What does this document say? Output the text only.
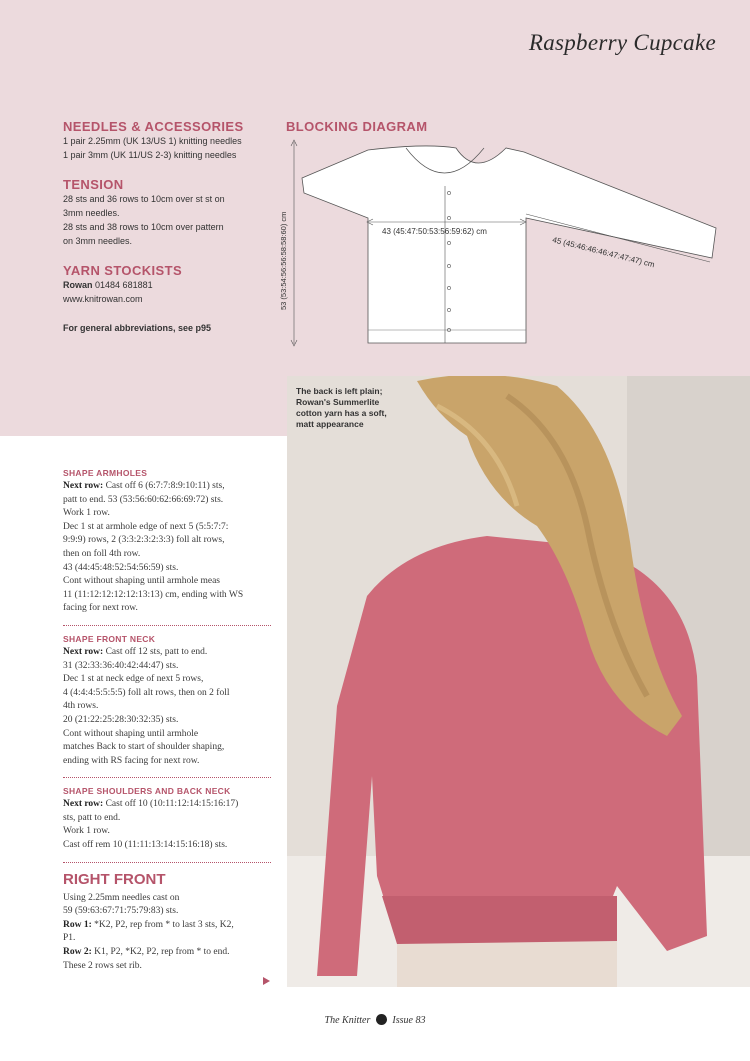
Raspberry Cupcake
NEEDLES & ACCESSORIES
1 pair 2.25mm (UK 13/US 1) knitting needles
1 pair 3mm (UK 11/US 2-3) knitting needles
TENSION
28 sts and 36 rows to 10cm over st st on
3mm needles.
28 sts and 38 rows to 10cm over pattern
on 3mm needles.
YARN STOCKISTS
Rowan 01484 681881
www.knitrowan.com
For general abbreviations, see p95
BLOCKING DIAGRAM
53 (53:54:56:56:58:58:60) cm	43 (45:47:50:53:56:59:62) cm
45 (45:46:46:46:47:47:47) cm
The back is left plain; Rowan's Summerlite cotton yarn has a soft, matt appearance
SHAPE ARMHOLES

Next row: Cast off 6 (6:7:7:8:9:10:11) sts,

patt to end. 53 (53:56:60:62:66:69:72) sts.

Work 1 row.

Dec 1 st at armhole edge of next 5 (5:5:7:7:

9:9:9) rows, 2 (3:3:2:3:2:3:3) foll alt rows,

then on foll 4th row.

43 (44:45:48:52:54:56:59) sts.

Cont without shaping until armhole meas

11 (11:12:12:12:12:13:13) cm, ending with WS

facing for next row.

SHAPE FRONT NECK

Next row: Cast off 12 sts, patt to end.

31 (32:33:36:40:42:44:47) sts.

Dec 1 st at neck edge of next 5 rows,

4 (4:4:4:5:5:5:5) foll alt rows, then on 2 foll

4th rows.

20 (21:22:25:28:30:32:35) sts.

Cont without shaping until armhole

matches Back to start of shoulder shaping,

ending with RS facing for next row.

SHAPE SHOULDERS AND BACK NECK

Next row: Cast off 10 (10:11:12:14:15:16:17)

sts, patt to end.

Work 1 row.

Cast off rem 10 (11:11:13:14:15:16:18) sts.

RIGHT FRONT

Using 2.25mm needles cast on

59 (59:63:67:71:75:79:83) sts.

Row 1: *K2, P2, rep from * to last 3 sts, K2,

P1.

Row 2: K1, P2, *K2, P2, rep from * to end.

These 2 rows set rib.

The Knitter Issue 83
